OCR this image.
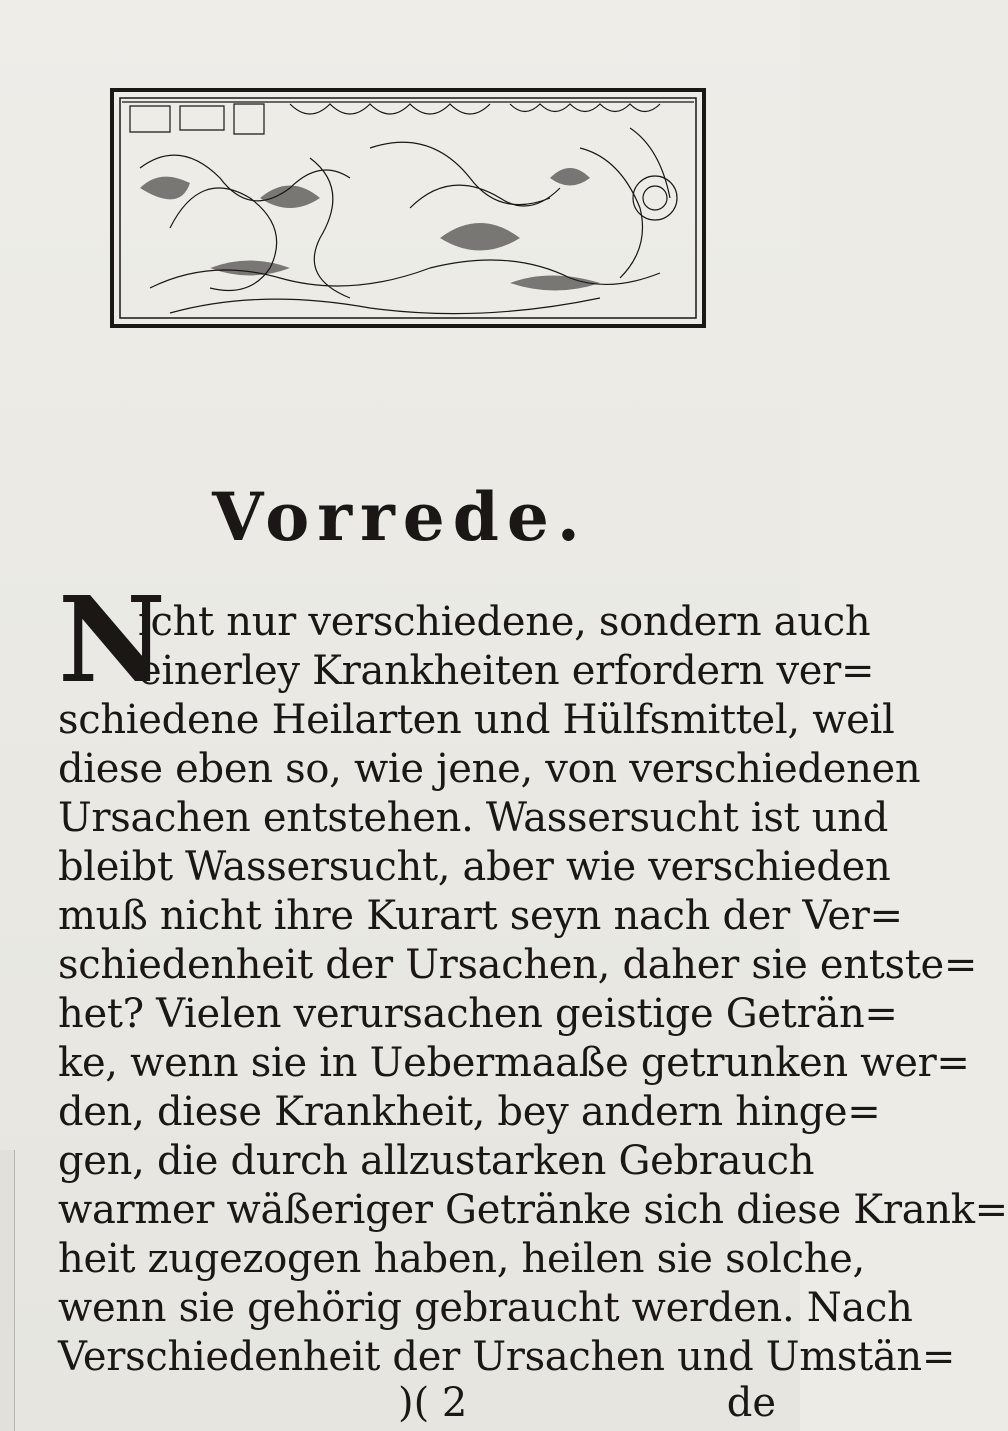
Vorrede.
N
icht nur verschiedene, sondern auch
einerley Krankheiten erfordern ver=
schiedene Heilarten und Hülfsmittel, weil
diese eben so, wie jene, von verschiedenen
Ursachen entstehen. Wassersucht ist und
bleibt Wassersucht, aber wie verschieden
muß nicht ihre Kurart seyn nach der Ver=
schiedenheit der Ursachen, daher sie entste=
het? Vielen verursachen geistige Geträn=
ke, wenn sie in Uebermaaße getrunken wer=
den, diese Krankheit, bey andern hinge=
gen, die durch allzustarken Gebrauch
warmer wäßeriger Getränke sich diese Krank=
heit zugezogen haben, heilen sie solche,
wenn sie gehörig gebraucht werden. Nach
Verschiedenheit der Ursachen und Umstän=
)( 2	de
